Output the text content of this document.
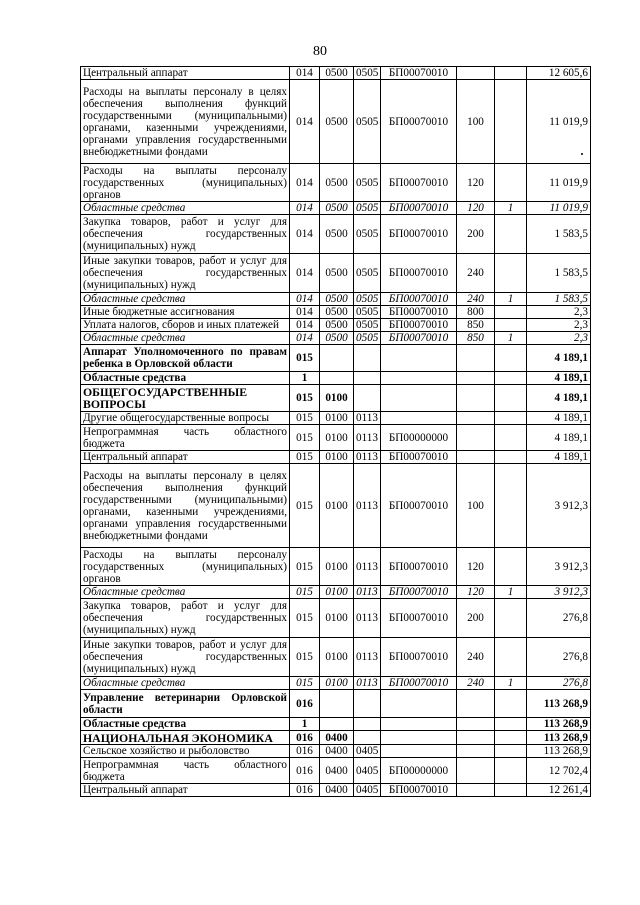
80
Центральный аппарат	014	0500	0505	БП00070010			12 605,6
Расходы на выплаты персоналу в целях обеспечения выполнения функций государственными (муниципальными) органами, казенными учреждениями, органами управления государственными внебюджетными фондами	014	0500	0505	БП00070010	100		11 019,9
Расходы на выплаты персоналу государственных (муниципальных) органов	014	0500	0505	БП00070010	120		11 019,9
Областные средства	014	0500	0505	БП00070010	120	1	11 019,9
Закупка товаров, работ и услуг для обеспечения государственных (муниципальных) нужд	014	0500	0505	БП00070010	200		1 583,5
Иные закупки товаров, работ и услуг для обеспечения государственных (муниципальных) нужд	014	0500	0505	БП00070010	240		1 583,5
Областные средства	014	0500	0505	БП00070010	240	1	1 583,5
Иные бюджетные ассигнования	014	0500	0505	БП00070010	800		2,3
Уплата налогов, сборов и иных платежей	014	0500	0505	БП00070010	850		2,3
Областные средства	014	0500	0505	БП00070010	850	1	2,3
Аппарат Уполномоченного по правам ребенка в Орловской области	015						4 189,1
Областные средства	1						4 189,1
ОБЩЕГОСУДАРСТВЕННЫЕ ВОПРОСЫ	015	0100					4 189,1
Другие общегосударственные вопросы	015	0100	0113				4 189,1
Непрограммная часть областного бюджета	015	0100	0113	БП00000000			4 189,1
Центральный аппарат	015	0100	0113	БП00070010			4 189,1
Расходы на выплаты персоналу в целях обеспечения выполнения функций государственными (муниципальными) органами, казенными учреждениями, органами управления государственными внебюджетными фондами	015	0100	0113	БП00070010	100		3 912,3
Расходы на выплаты персоналу государственных (муниципальных) органов	015	0100	0113	БП00070010	120		3 912,3
Областные средства	015	0100	0113	БП00070010	120	1	3 912,3
Закупка товаров, работ и услуг для обеспечения государственных (муниципальных) нужд	015	0100	0113	БП00070010	200		276,8
Иные закупки товаров, работ и услуг для обеспечения государственных (муниципальных) нужд	015	0100	0113	БП00070010	240		276,8
Областные средства	015	0100	0113	БП00070010	240	1	276,8
Управление ветеринарии Орловской области	016						113 268,9
Областные средства	1						113 268,9
НАЦИОНАЛЬНАЯ ЭКОНОМИКА	016	0400					113 268,9
Сельское хозяйство и рыболовство	016	0400	0405				113 268,9
Непрограммная часть областного бюджета	016	0400	0405	БП00000000			12 702,4
Центральный аппарат	016	0400	0405	БП00070010			12 261,4
